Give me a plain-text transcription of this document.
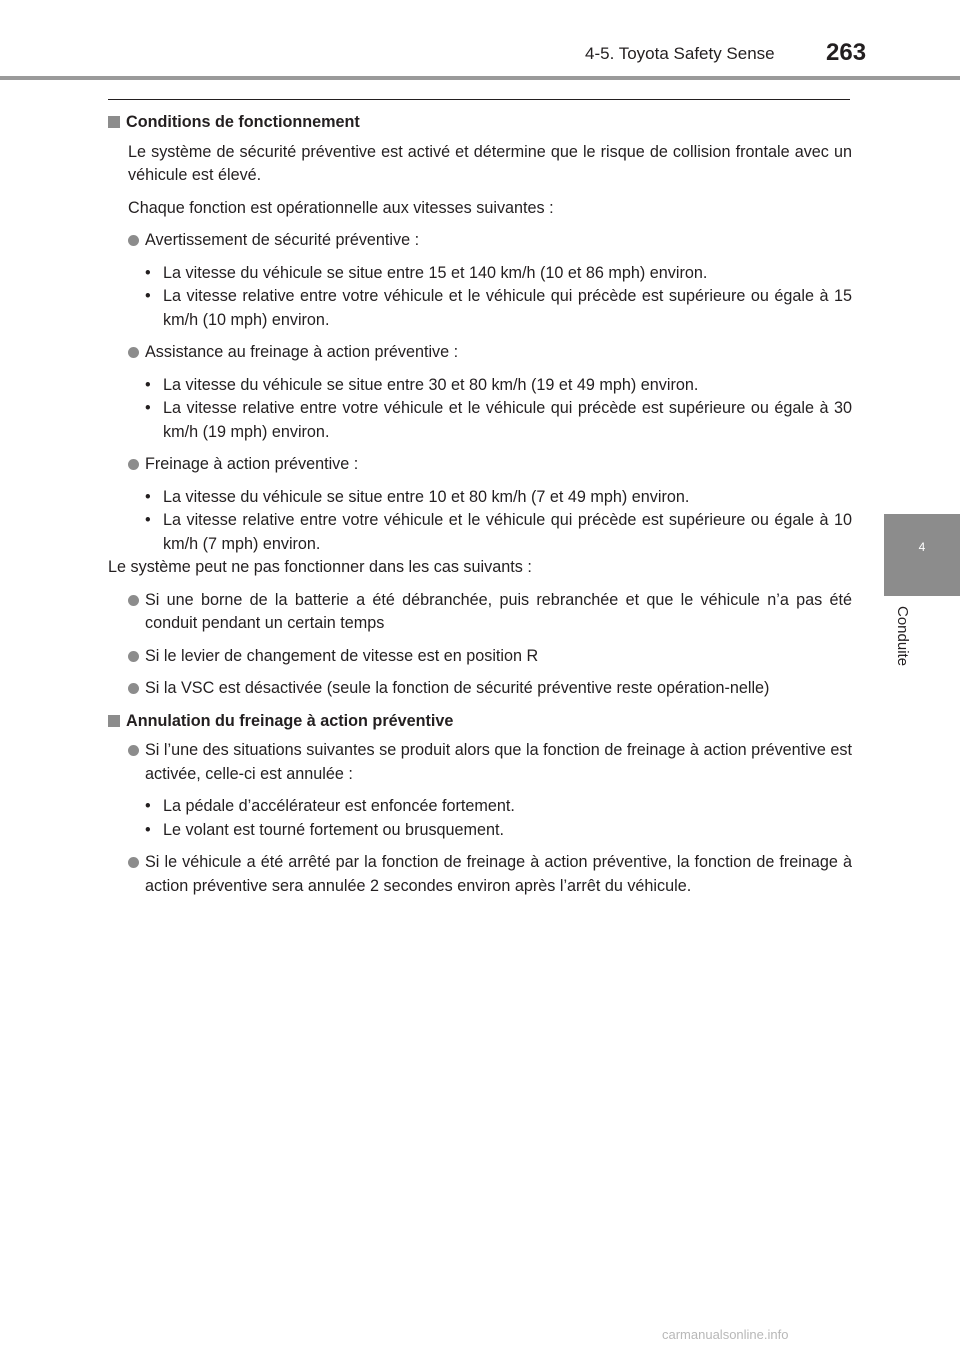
4-5. Toyota Safety Sense 263
4
Conduite

Conditions de fonctionnement

Le système de sécurité préventive est activé et détermine que le risque de collision frontale avec un véhicule est élevé.

Chaque fonction est opérationnelle aux vitesses suivantes :

Avertissement de sécurité préventive :

• La vitesse du véhicule se situe entre 15 et 140 km/h (10 et 86 mph) environ.
• La vitesse relative entre votre véhicule et le véhicule qui précède est supérieure ou égale à 15 km/h (10 mph) environ.

Assistance au freinage à action préventive :

• La vitesse du véhicule se situe entre 30 et 80 km/h (19 et 49 mph) environ.
• La vitesse relative entre votre véhicule et le véhicule qui précède est supérieure ou égale à 30 km/h (19 mph) environ.

Freinage à action préventive :

• La vitesse du véhicule se situe entre 10 et 80 km/h (7 et 49 mph) environ.
• La vitesse relative entre votre véhicule et le véhicule qui précède est supérieure ou égale à 10 km/h (7 mph) environ.

Le système peut ne pas fonctionner dans les cas suivants :

Si une borne de la batterie a été débranchée, puis rebranchée et que le véhicule n’a pas été conduit pendant un certain temps

Si le levier de changement de vitesse est en position R

Si la VSC est désactivée (seule la fonction de sécurité préventive reste opération-nelle)

Annulation du freinage à action préventive

Si l’une des situations suivantes se produit alors que la fonction de freinage à action préventive est activée, celle-ci est annulée :

• La pédale d’accélérateur est enfoncée fortement.
• Le volant est tourné fortement ou brusquement.

Si le véhicule a été arrêté par la fonction de freinage à action préventive, la fonction de freinage à action préventive sera annulée 2 secondes environ après l’arrêt du véhicule.

carmanualsonline.info
